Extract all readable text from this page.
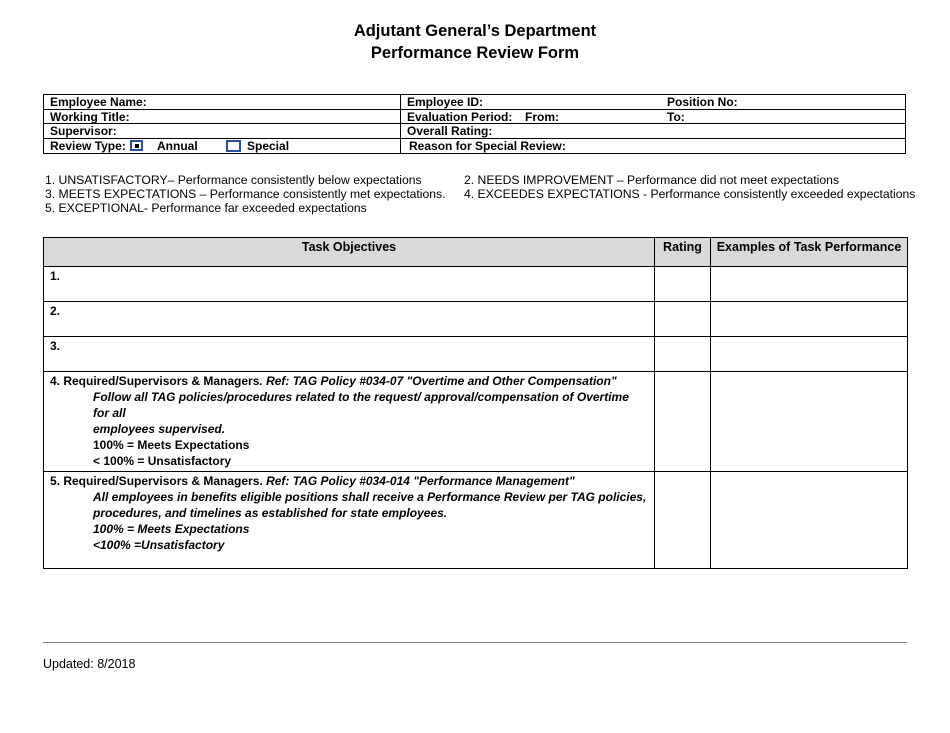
Adjutant General’s Department
Performance Review Form
Employee Name:	Employee ID:	Position No:
Working Title:	Evaluation Period: From:	To:
Supervisor:	Overall Rating:
Review Type:	Annual	Special	Reason for Special Review:
1. UNSATISFACTORY– Performance consistently below expectations	2. NEEDS IMPROVEMENT – Performance did not meet expectations
3. MEETS EXPECTATIONS – Performance consistently met expectations. 4. EXCEEDES EXPECTATIONS - Performance consistently exceeded expectations
5. EXCEPTIONAL- Performance far exceeded expectations
Task Objectives	Rating	Examples of Task Performance
1.		
2.		
3.		

4. Required/Supervisors & Managers. Ref: TAG Policy #034-07 "Overtime and Other Compensation"
Follow all TAG policies/procedures related to the request/ approval/compensation of Overtime for all
employees supervised.
100% = Meets Expectations
< 100% = Unsatisfactory		

5. Required/Supervisors & Managers. Ref: TAG Policy #034-014 "Performance Management"
All employees in benefits eligible positions shall receive a Performance Review per TAG policies,
procedures, and timelines as established for state employees.
100% = Meets Expectations
<100% =Unsatisfactory		

Updated: 8/2018
